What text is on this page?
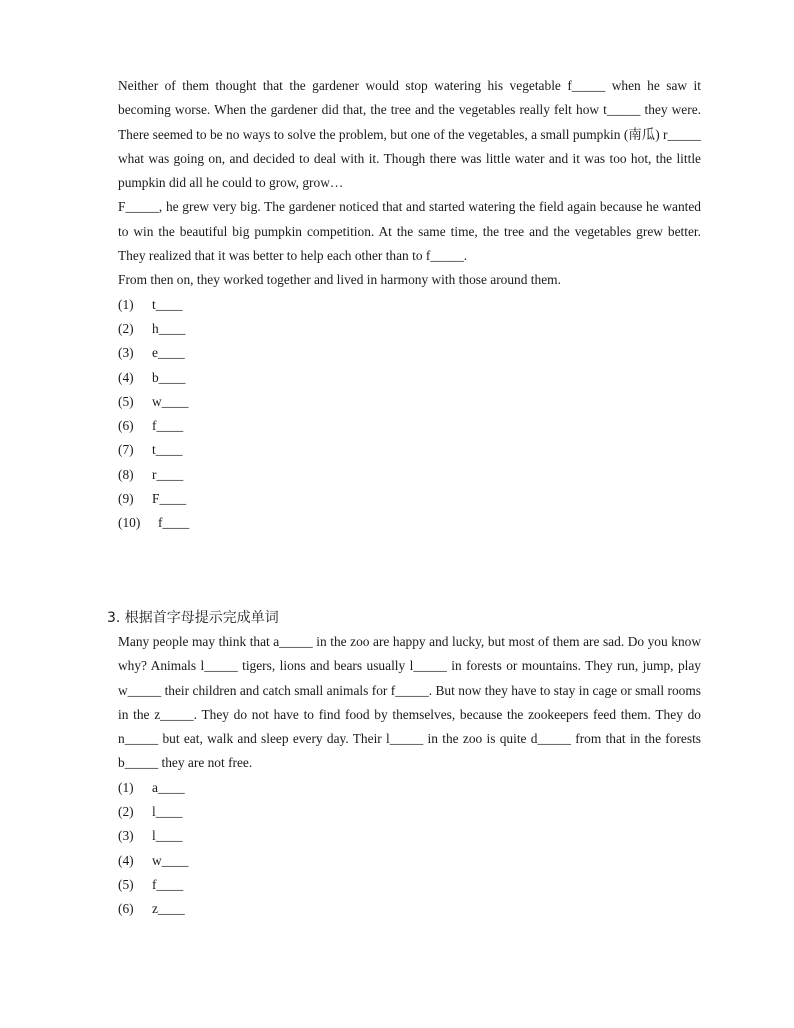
Neither of them thought that the gardener would stop watering his vegetable f_____ when he saw it becoming worse. When the gardener did that, the tree and the vegetables really felt how t_____ they were. There seemed to be no ways to solve the problem, but one of the vegetables, a small pumpkin (南瓜) r_____ what was going on, and decided to deal with it. Though there was little water and it was too hot, the little pumpkin did all he could to grow, grow…

F_____, he grew very big. The gardener noticed that and started watering the field again because he wanted to win the beautiful big pumpkin competition. At the same time, the tree and the vegetables grew better. They realized that it was better to help each other than to f_____.

From then on, they worked together and lived in harmony with those around them.

(1)	t____
(2)	h____
(3)	e____
(4)	b____
(5)	w____
(6)	f____
(7)	t____
(8)	r____
(9)	F____
(10)	f____

3. 根据首字母提示完成单词

Many people may think that a_____ in the zoo are happy and lucky, but most of them are sad. Do you know why? Animals l_____ tigers, lions and bears usually l_____ in forests or mountains. They run, jump, play w_____ their children and catch small animals for f_____. But now they have to stay in cage or small rooms in the z_____. They do not have to find food by themselves, because the zookeepers feed them. They do n_____ but eat, walk and sleep every day. Their l_____ in the zoo is quite d_____ from that in the forests b_____ they are not free.

(1)	a____
(2)	l____
(3)	l____
(4)	w____
(5)	f____
(6)	z____
